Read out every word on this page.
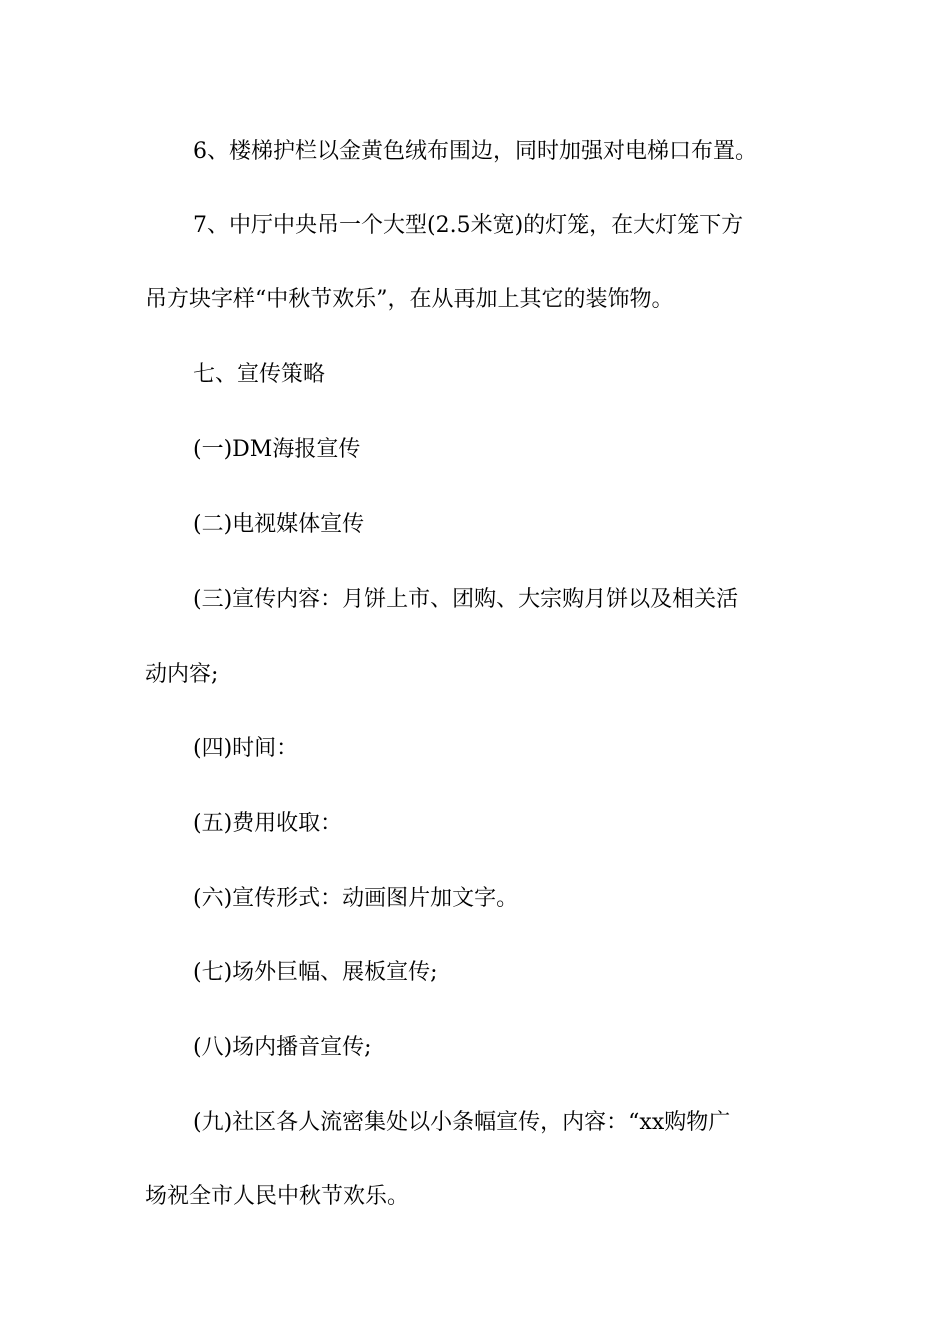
6、楼梯护栏以金黄色绒布围边，同时加强对电梯口布置。
7、中厅中央吊一个大型(2.5米宽)的灯笼，在大灯笼下方
吊方块字样“中秋节欢乐”，在从再加上其它的装饰物。
七、宣传策略
(一)DM海报宣传
(二)电视媒体宣传
(三)宣传内容：月饼上市、团购、大宗购月饼以及相关活
动内容;
(四)时间：
(五)费用收取：
(六)宣传形式：动画图片加文字。
(七)场外巨幅、展板宣传;
(八)场内播音宣传;
(九)社区各人流密集处以小条幅宣传，内容：“xx购物广
场祝全市人民中秋节欢乐。
